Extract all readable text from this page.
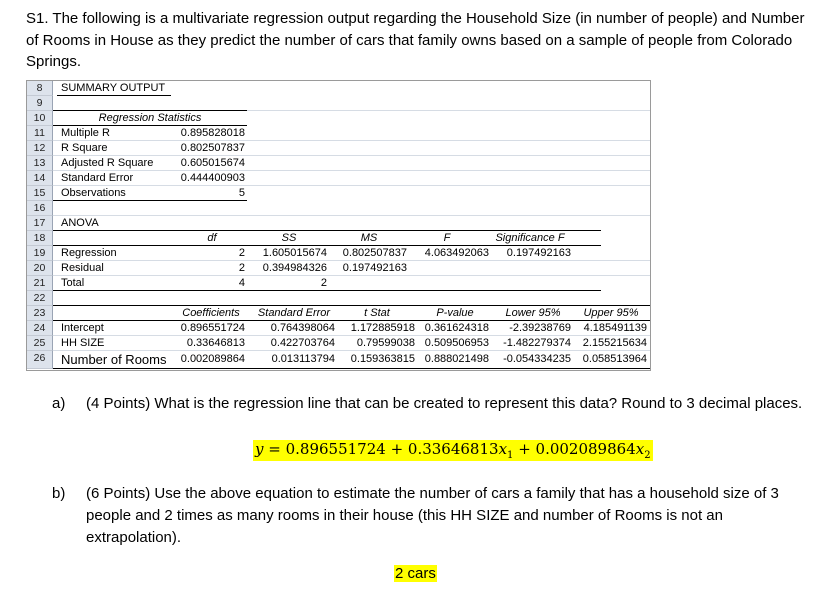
S1. The following is a multivariate regression output regarding the Household Size (in number of people) and Number of Rooms in House as they predict the number of cars that family owns based on a sample of people from Colorado Springs.
8	SUMMARY OUTPUT
9
10	Regression Statistics
11	Multiple R	0.895828018
12	R Square	0.802507837
13	Adjusted R Square	0.605015674
14	Standard Error	0.444400903
15	Observations	5
16
17	ANOVA
18	df	SS	MS	F	Significance F
19	Regression	2	1.605015674	0.802507837	4.063492063	0.197492163
20	Residual	2	0.394984326	0.197492163
21	Total	4	2
22
23	Coefficients	Standard Error	t Stat	P-value	Lower 95%	Upper 95%
24	Intercept	0.896551724	0.764398064	1.172885918 0.361624318	-2.39238769	4.185491139
25	HH SIZE	0.33646813	0.422703764	0.79599038 0.509506953	-1.482279374	2.155215634
26	Number of Rooms	0.002089864	0.013113794	0.159363815 0.888021498	-0.054334235	0.058513964
a) (4 Points) What is the regression line that can be created to represent this data? Round to 3 decimal places.
$y = 0.896551724 + 0.33646813x_1 + 0.002089864x_2$
b) (6 Points) Use the above equation to estimate the number of cars a family that has a household size of 3 people and 2 times as many rooms in their house (this HH SIZE and number of Rooms is not an extrapolation).
2 cars
